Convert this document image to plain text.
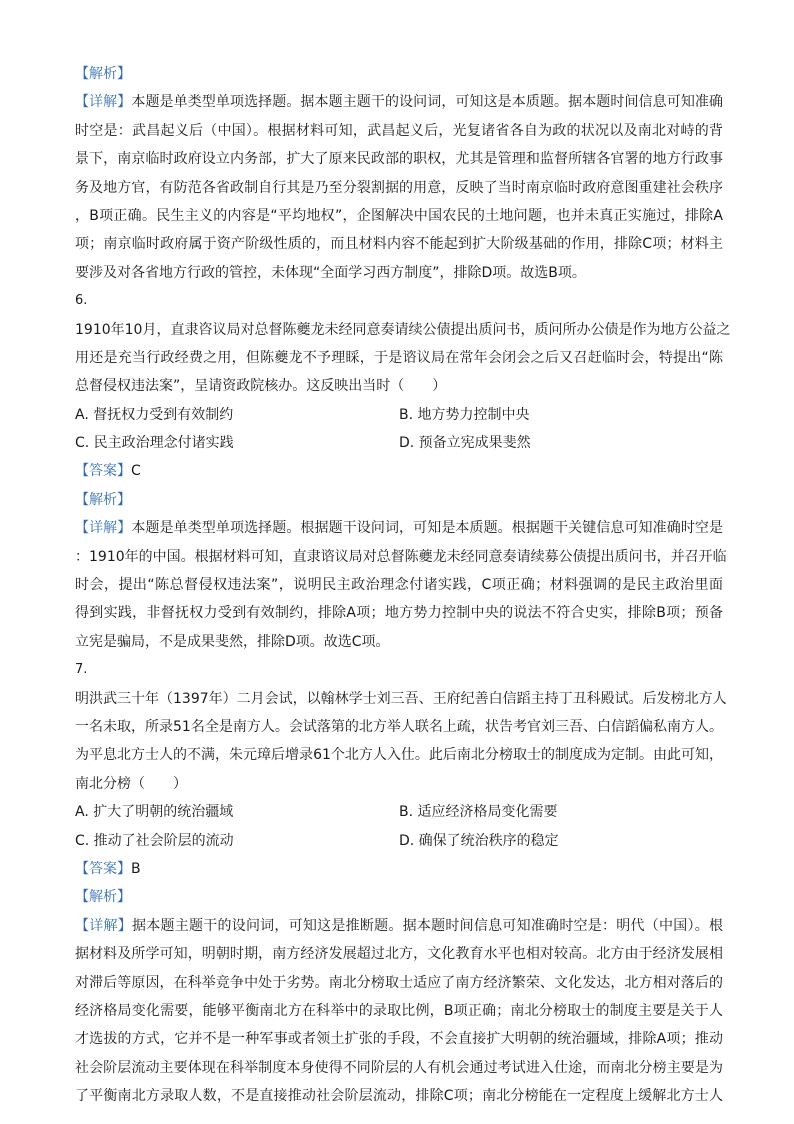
【解析】
【详解】本题是单类型单项选择题。据本题主题干的设问词，可知这是本质题。据本题时间信息可知准确
时空是：武昌起义后（中国）。根据材料可知，武昌起义后，光复诸省各自为政的状况以及南北对峙的背
景下，南京临时政府设立内务部，扩大了原来民政部的职权，尤其是管理和监督所辖各官署的地方行政事
务及地方官，有防范各省政制自行其是乃至分裂割据的用意，反映了当时南京临时政府意图重建社会秩序
，B项正确。民生主义的内容是“平均地权”，企图解决中国农民的土地问题，也并未真正实施过，排除A
项；南京临时政府属于资产阶级性质的，而且材料内容不能起到扩大阶级基础的作用，排除C项；材料主
要涉及对各省地方行政的管控，未体现“全面学习西方制度”，排除D项。故选B项。
6.
1910年10月，直隶咨议局对总督陈夔龙未经同意奏请续公债提出质问书，质问所办公债是作为地方公益之
用还是充当行政经费之用，但陈夔龙不予理睬，于是谘议局在常年会闭会之后又召赶临时会，特提出“陈
总督侵权违法案”，呈请资政院核办。这反映出当时（　　）
A. 督抚权力受到有效制约	B. 地方势力控制中央
C. 民主政治理念付诸实践	D. 预备立宪成果斐然
【答案】C
【解析】
【详解】本题是单类型单项选择题。根据题干设问词，可知是本质题。根据题干关键信息可知准确时空是
：1910年的中国。根据材料可知，直隶谘议局对总督陈夔龙未经同意奏请续募公债提出质问书，并召开临
时会，提出“陈总督侵权违法案”，说明民主政治理念付诸实践，C项正确；材料强调的是民主政治里面
得到实践，非督抚权力受到有效制约，排除A项；地方势力控制中央的说法不符合史实，排除B项；预备
立宪是骗局，不是成果斐然，排除D项。故选C项。
7.
明洪武三十年（1397年）二月会试，以翰林学士刘三吾、王府纪善白信蹈主持丁丑科殿试。后发榜北方人
一名未取，所录51名全是南方人。会试落第的北方举人联名上疏，状告考官刘三吾、白信蹈偏私南方人。
为平息北方士人的不满，朱元璋后增录61个北方人入仕。此后南北分榜取士的制度成为定制。由此可知，
南北分榜（　　）
A. 扩大了明朝的统治疆域	B. 适应经济格局变化需要
C. 推动了社会阶层的流动	D. 确保了统治秩序的稳定
【答案】B
【解析】
【详解】据本题主题干的设问词，可知这是推断题。据本题时间信息可知准确时空是：明代（中国）。根
据材料及所学可知，明朝时期，南方经济发展超过北方，文化教育水平也相对较高。北方由于经济发展相
对滞后等原因，在科举竞争中处于劣势。南北分榜取士适应了南方经济繁荣、文化发达，北方相对落后的
经济格局变化需要，能够平衡南北方在科举中的录取比例，B项正确；南北分榜取士的制度主要是关于人
才选拔的方式，它并不是一种军事或者领土扩张的手段，不会直接扩大明朝的统治疆域，排除A项；推动
社会阶层流动主要体现在科举制度本身使得不同阶层的人有机会通过考试进入仕途，而南北分榜主要是为
了平衡南北方录取人数，不是直接推动社会阶层流动，排除C项；南北分榜能在一定程度上缓解北方士人
